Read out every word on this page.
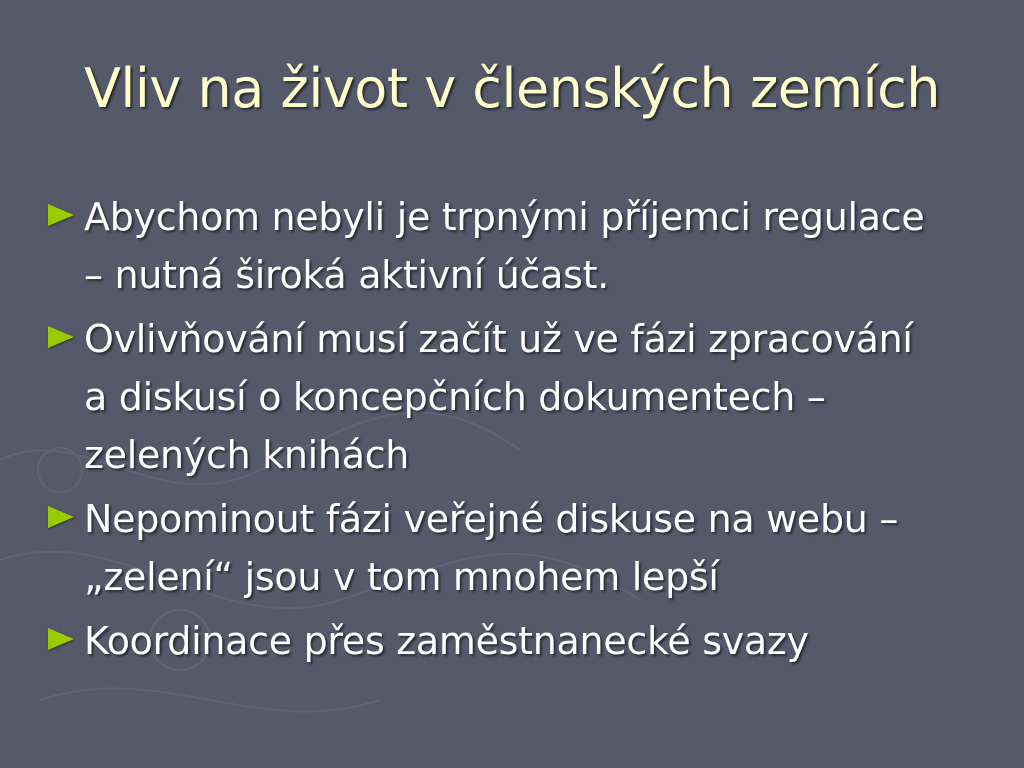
Vliv na život v členských zemích
Abychom nebyli je trpnými příjemci regulace
– nutná široká aktivní účast.
Ovlivňování musí začít už ve fázi zpracování
a diskusí o koncepčních dokumentech –
zelených knihách
Nepominout fázi veřejné diskuse na webu –
„zelení“ jsou v tom mnohem lepší
Koordinace přes zaměstnanecké svazy
